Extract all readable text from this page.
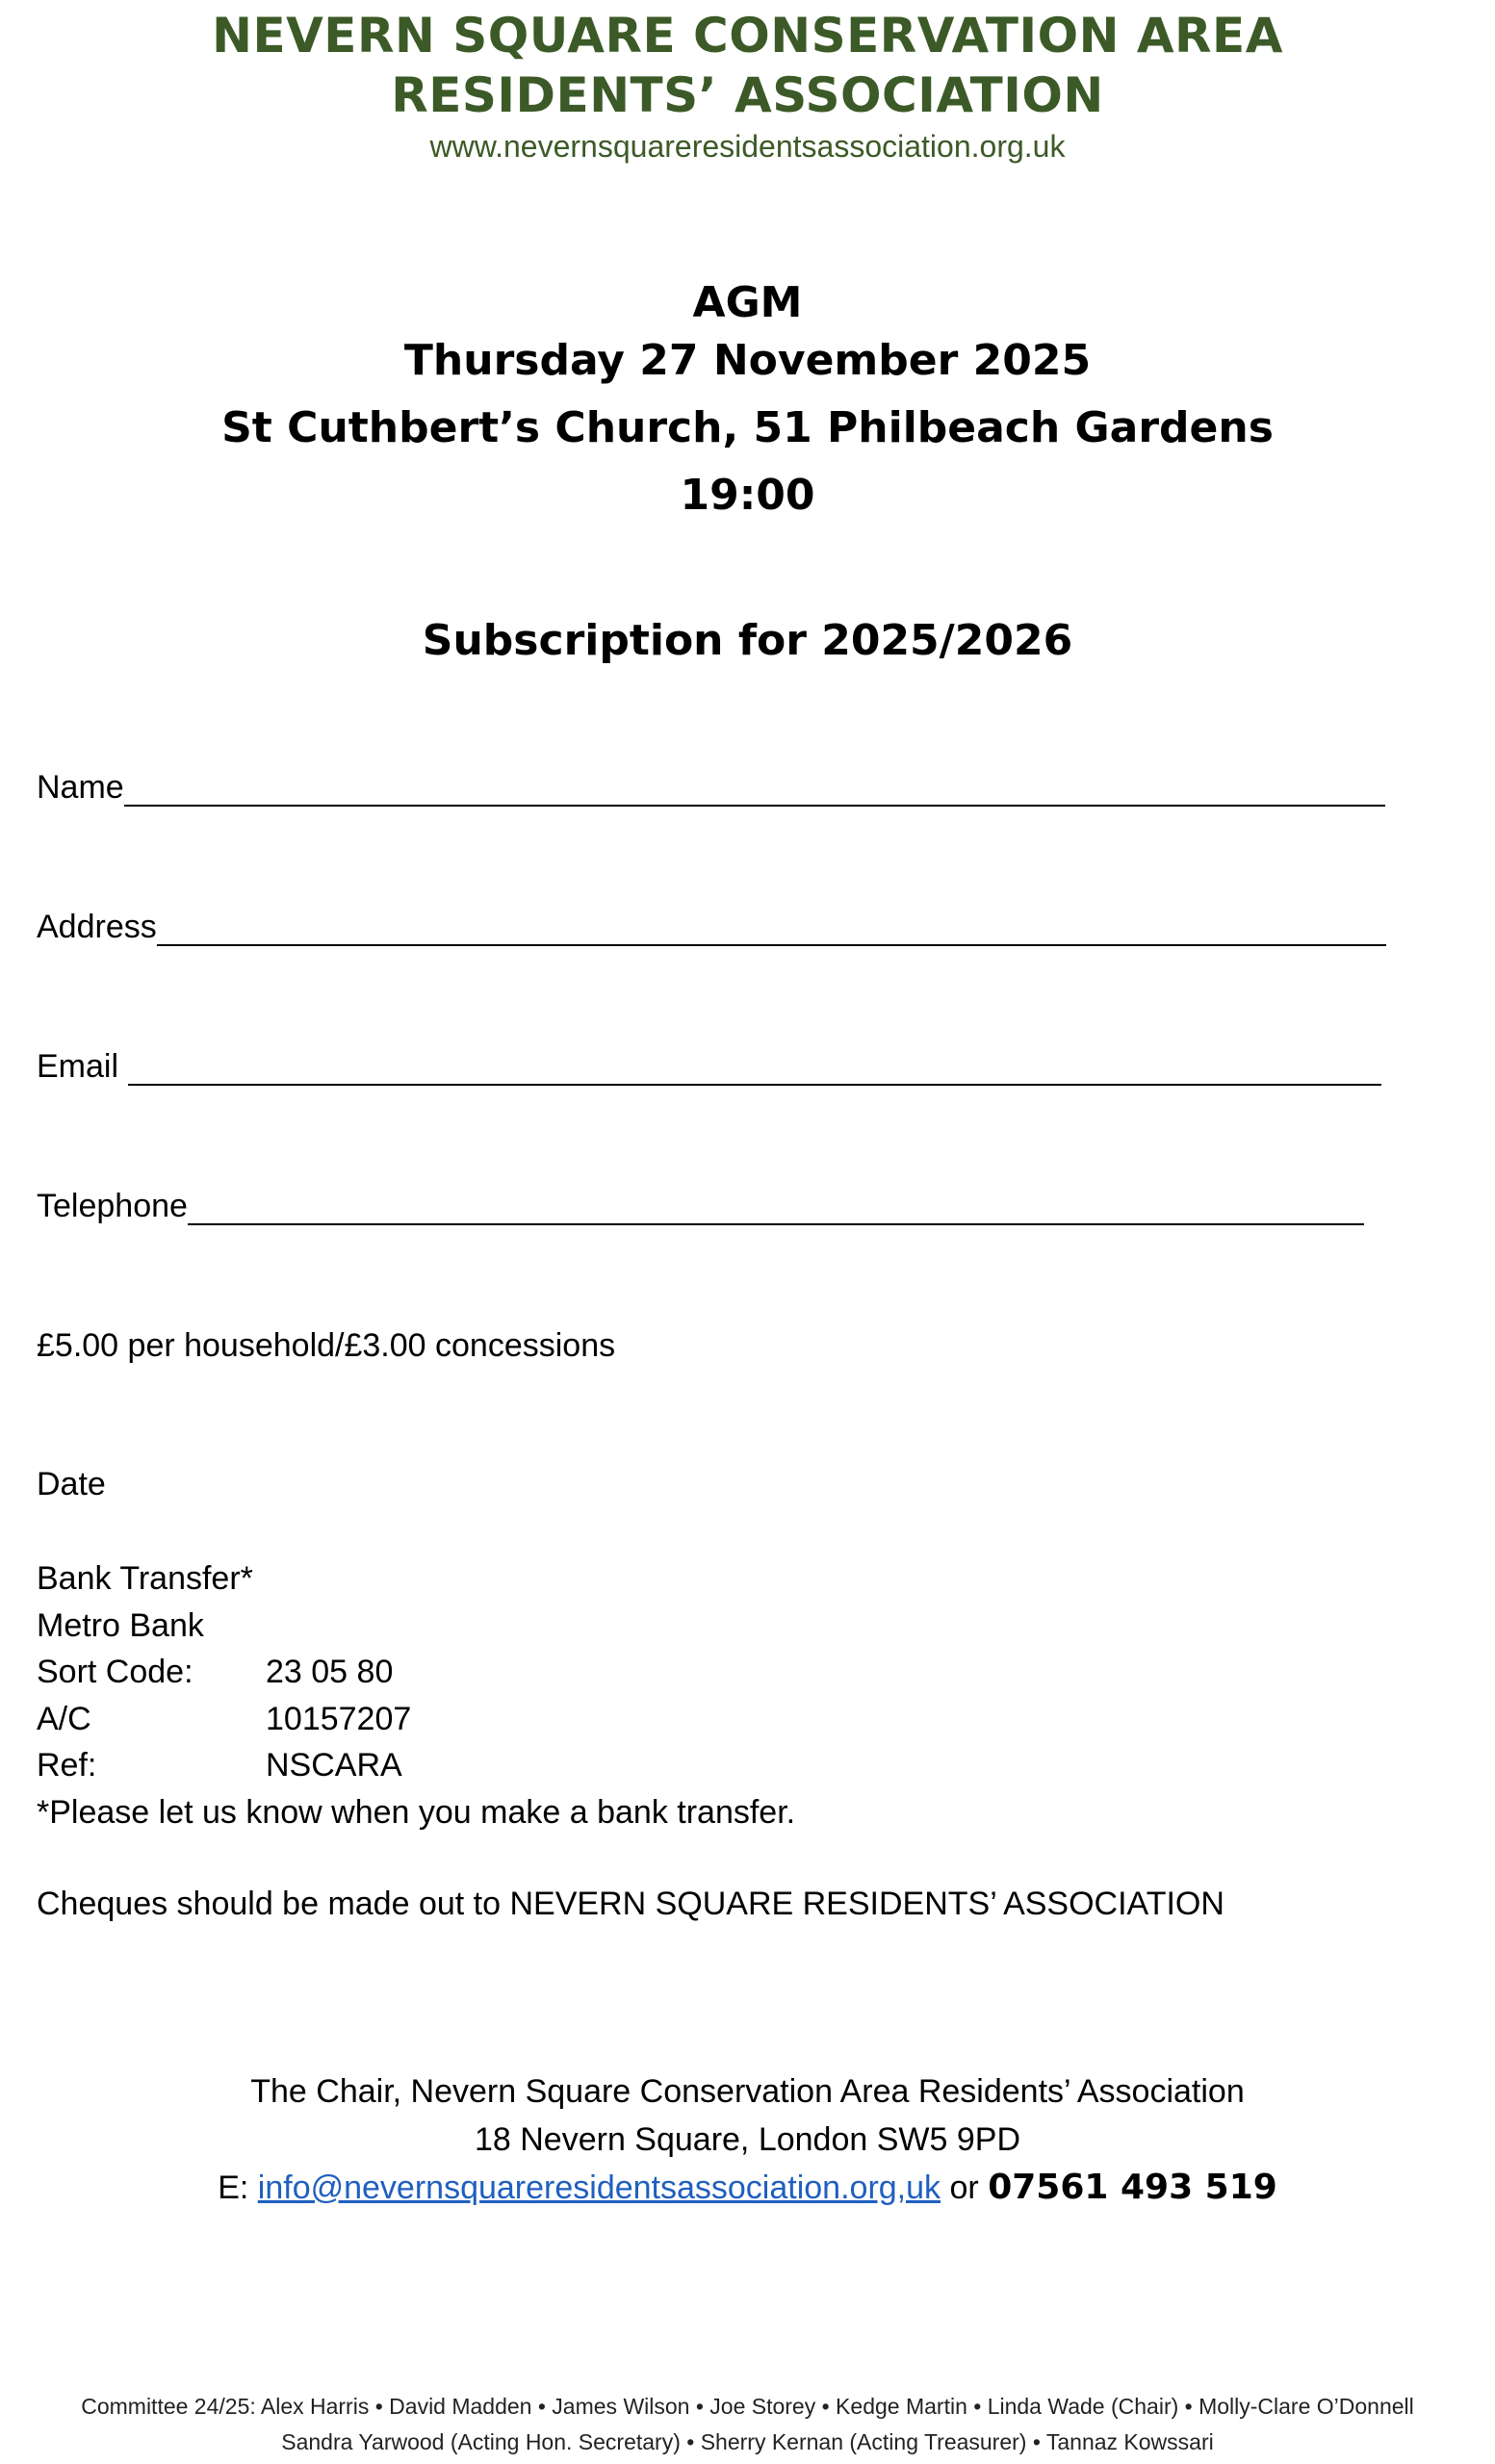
NEVERN SQUARE CONSERVATION AREA
RESIDENTS’ ASSOCIATION
www.nevernsquareresidentsassociation.org.uk
AGM
Thursday 27 November 2025
St Cuthbert’s Church, 51 Philbeach Gardens
19:00
Subscription for 2025/2026
Name
Address
Email
Telephone
£5.00 per household/£3.00 concessions
Date
Bank Transfer*
Metro Bank
Sort Code:	23 05 80
A/C	10157207
Ref:	NSCARA
*Please let us know when you make a bank transfer.
Cheques should be made out to NEVERN SQUARE RESIDENTS’ ASSOCIATION
The Chair, Nevern Square Conservation Area Residents’ Association
18 Nevern Square, London SW5 9PD
E: info@nevernsquareresidentsassociation.org,uk or 07561 493 519
Committee 24/25: Alex Harris • David Madden • James Wilson • Joe Storey • Kedge Martin • Linda Wade (Chair) • Molly-Clare O’Donnell
Sandra Yarwood (Acting Hon. Secretary) • Sherry Kernan (Acting Treasurer) • Tannaz Kowssari
